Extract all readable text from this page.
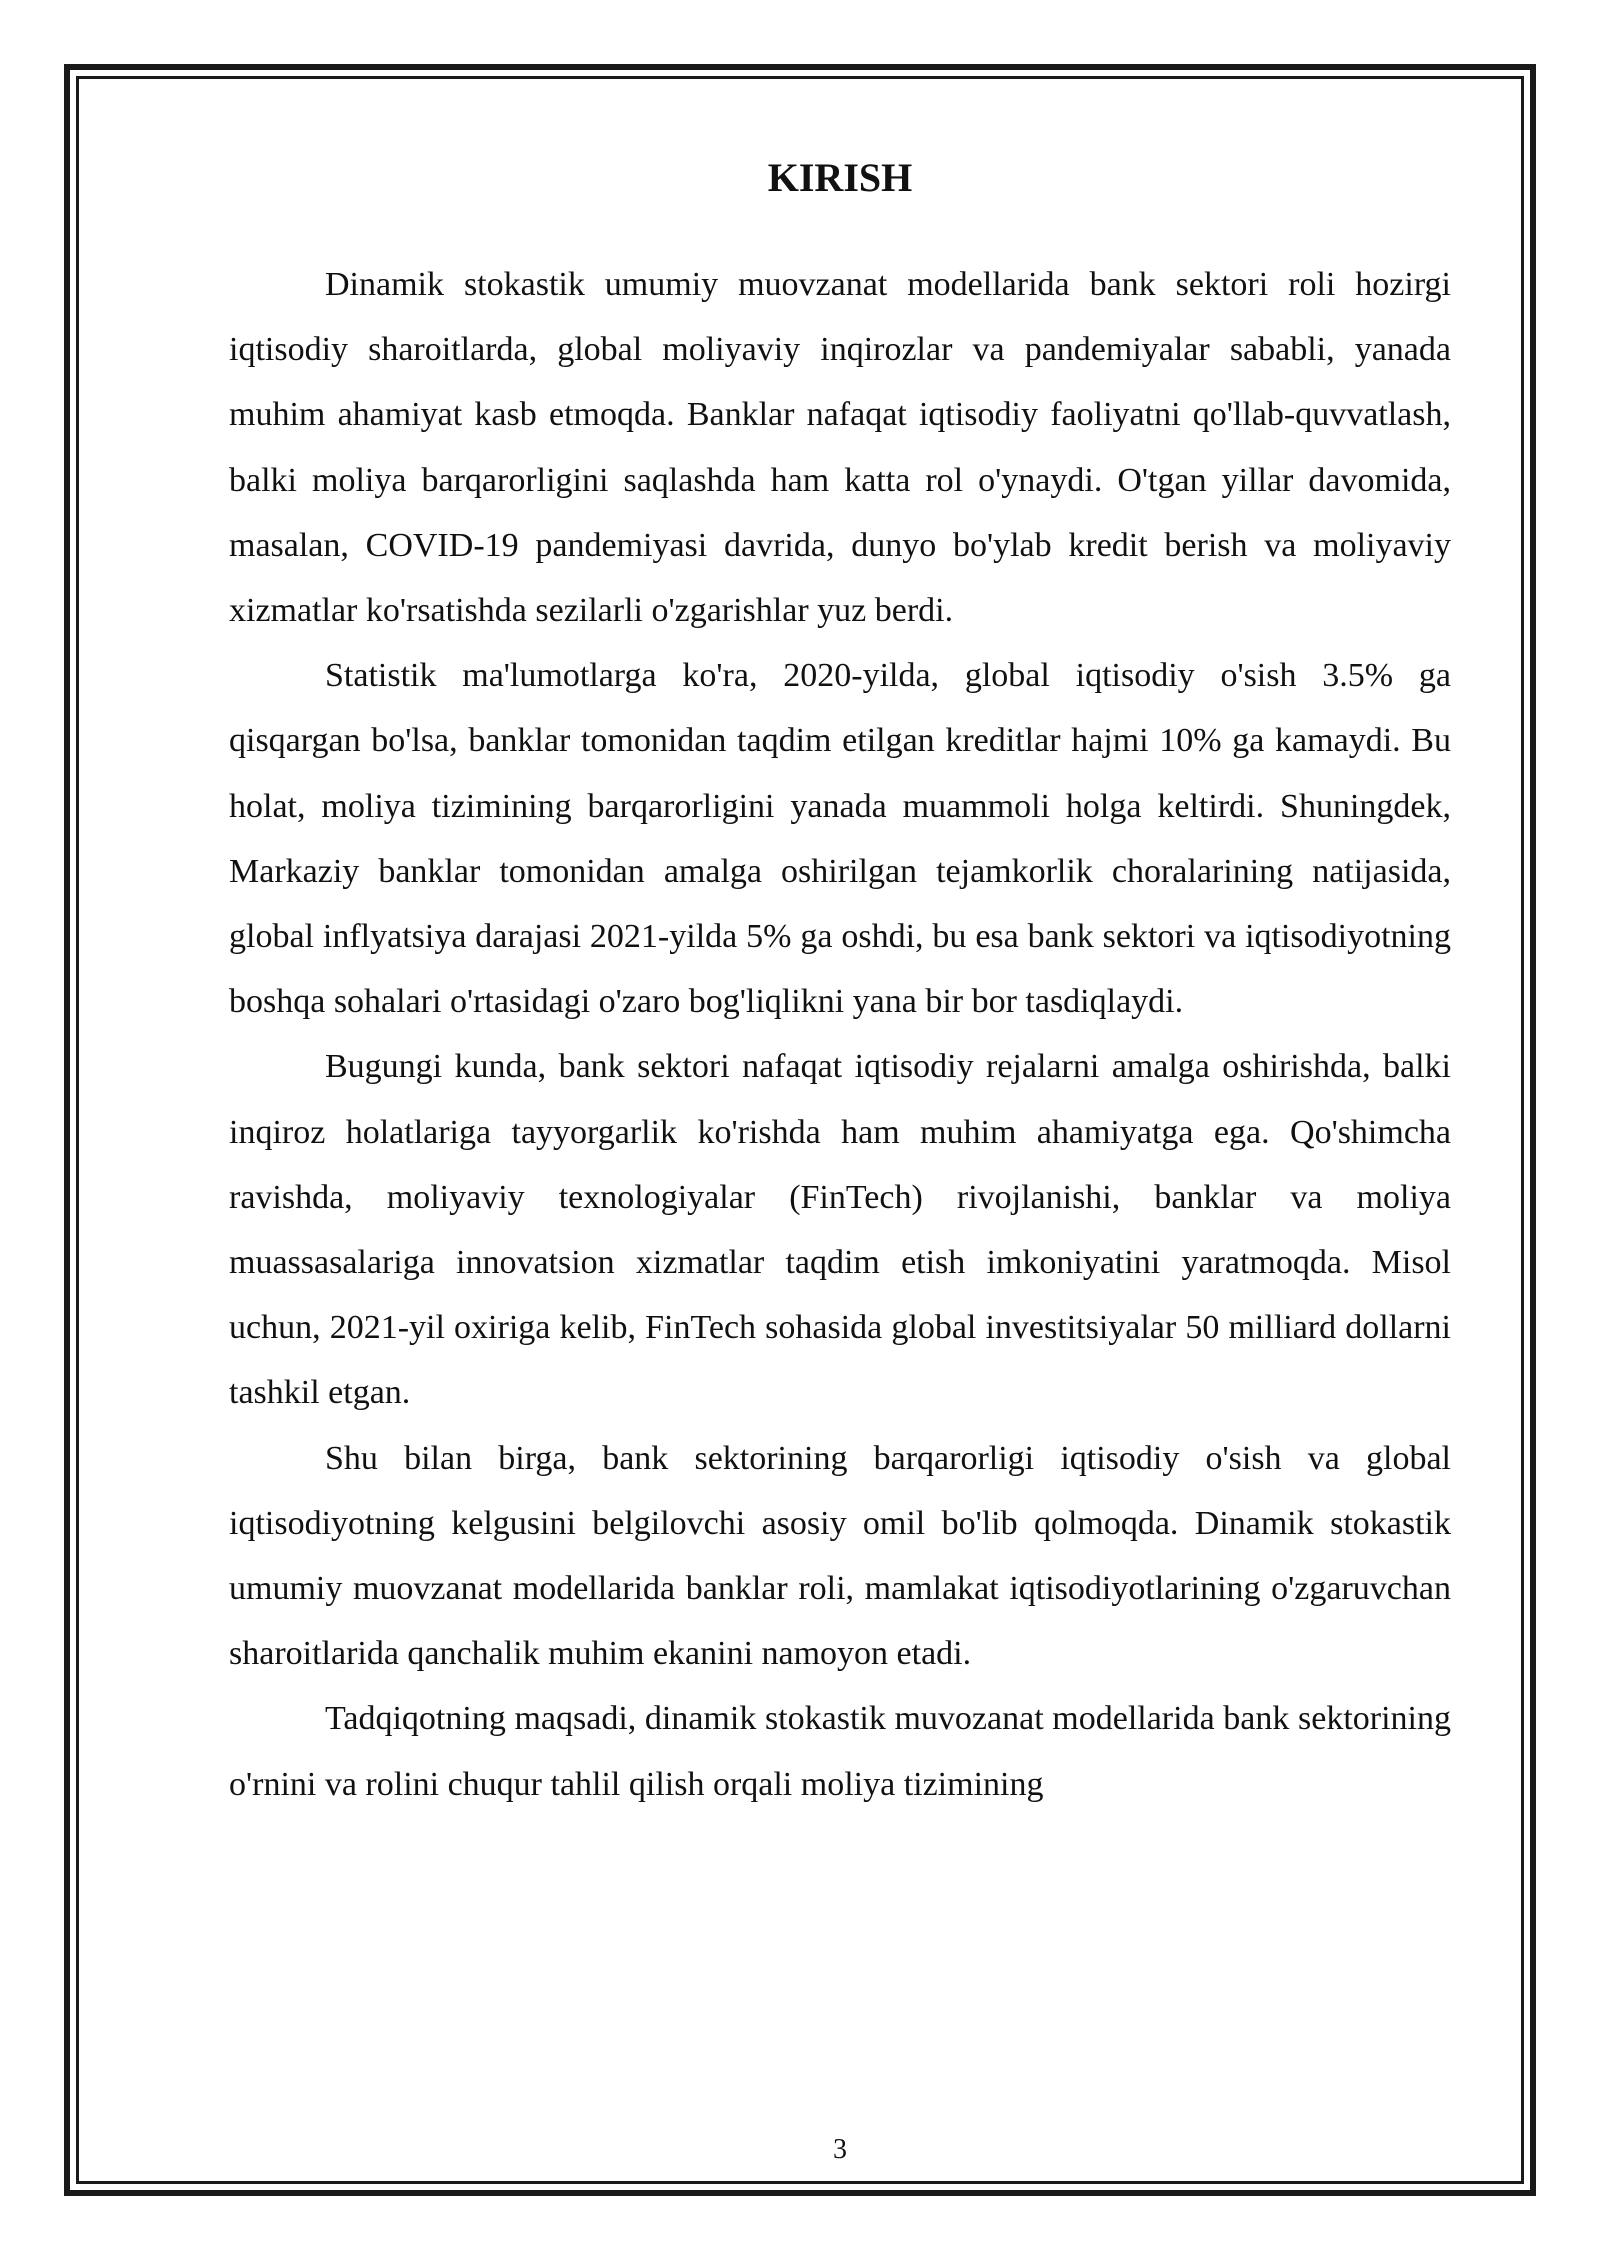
KIRISH

Dinamik stokastik umumiy muovzanat modellarida bank sektori roli hozirgi iqtisodiy sharoitlarda, global moliyaviy inqirozlar va pandemiyalar sababli, yanada muhim ahamiyat kasb etmoqda. Banklar nafaqat iqtisodiy faoliyatni qo'llab-quvvatlash, balki moliya barqarorligini saqlashda ham katta rol o'ynaydi. O'tgan yillar davomida, masalan, COVID-19 pandemiyasi davrida, dunyo bo'ylab kredit berish va moliyaviy xizmatlar ko'rsatishda sezilarli o'zgarishlar yuz berdi.

Statistik ma'lumotlarga ko'ra, 2020-yilda, global iqtisodiy o'sish 3.5% ga qisqargan bo'lsa, banklar tomonidan taqdim etilgan kreditlar hajmi 10% ga kamaydi. Bu holat, moliya tizimining barqarorligini yanada muammoli holga keltirdi. Shuningdek, Markaziy banklar tomonidan amalga oshirilgan tejamkorlik choralarining natijasida, global inflyatsiya darajasi 2021-yilda 5% ga oshdi, bu esa bank sektori va iqtisodiyotning boshqa sohalari o'rtasidagi o'zaro bog'liqlikni yana bir bor tasdiqlaydi.

Bugungi kunda, bank sektori nafaqat iqtisodiy rejalarni amalga oshirishda, balki inqiroz holatlariga tayyorgarlik ko'rishda ham muhim ahamiyatga ega. Qo'shimcha ravishda, moliyaviy texnologiyalar (FinTech) rivojlanishi, banklar va moliya muassasalariga innovatsion xizmatlar taqdim etish imkoniyatini yaratmoqda. Misol uchun, 2021-yil oxiriga kelib, FinTech sohasida global investitsiyalar 50 milliard dollarni tashkil etgan.

Shu bilan birga, bank sektorining barqarorligi iqtisodiy o'sish va global iqtisodiyotning kelgusini belgilovchi asosiy omil bo'lib qolmoqda. Dinamik stokastik umumiy muovzanat modellarida banklar roli, mamlakat iqtisodiyotlarining o'zgaruvchan sharoitlarida qanchalik muhim ekanini namoyon etadi.

Tadqiqotning maqsadi, dinamik stokastik muvozanat modellarida bank sektorining o'rnini va rolini chuqur tahlil qilish orqali moliya tizimining

3
